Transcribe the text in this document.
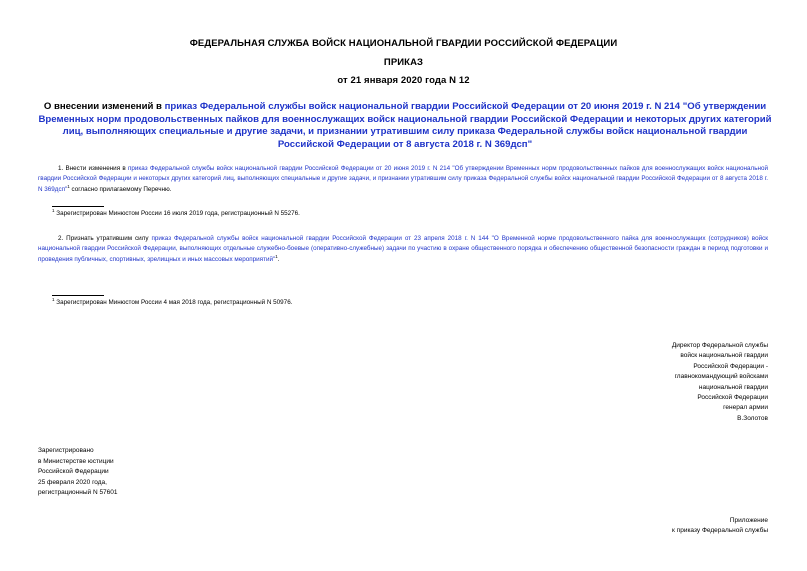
ФЕДЕРАЛЬНАЯ СЛУЖБА ВОЙСК НАЦИОНАЛЬНОЙ ГВАРДИИ РОССИЙСКОЙ ФЕДЕРАЦИИ
ПРИКАЗ
от 21 января 2020 года N 12
О внесении изменений в приказ Федеральной службы войск национальной гвардии Российской Федерации от 20 июня 2019 г. N 214 "Об утверждении Временных норм продовольственных пайков для военнослужащих войск национальной гвардии Российской Федерации и некоторых других категорий лиц, выполняющих специальные и другие задачи, и признании утратившим силу приказа Федеральной службы войск национальной гвардии Российской Федерации от 8 августа 2018 г. N 369дсп"
1. Внести изменения в приказ Федеральной службы войск национальной гвардии Российской Федерации от 20 июня 2019 г. N 214 "Об утверждении Временных норм продовольственных пайков для военнослужащих войск национальной гвардии Российской Федерации и некоторых других категорий лиц, выполняющих специальные и другие задачи, и признании утратившим силу приказа Федеральной службы войск национальной гвардии Российской Федерации от 8 августа 2018 г. N 369дсп"$^1$ согласно прилагаемому Перечню.
$^1$ Зарегистрирован Минюстом России 16 июля 2019 года, регистрационный N 55276.
2. Признать утратившим силу приказ Федеральной службы войск национальной гвардии Российской Федерации от 23 апреля 2018 г. N 144 "О Временной норме продовольственного пайка для военнослужащих (сотрудников) войск национальной гвардии Российской Федерации, выполняющих отдельные служебно-боевые (оперативно-служебные) задачи по участию в охране общественного порядка и обеспечению общественной безопасности граждан в период подготовки и проведения публичных, спортивных, зрелищных и иных массовых мероприятий"$^1$.
$^1$ Зарегистрирован Минюстом России 4 мая 2018 года, регистрационный N 50976.
Директор Федеральной службы
войск национальной гвардии
Российской Федерации -
главнокомандующий войсками
национальной гвардии
Российской Федерации
генерал армии
В.Золотов
Зарегистрировано
в Министерстве юстиции
Российской Федерации
25 февраля 2020 года,
регистрационный N 57601
Приложение
к приказу Федеральной службы
